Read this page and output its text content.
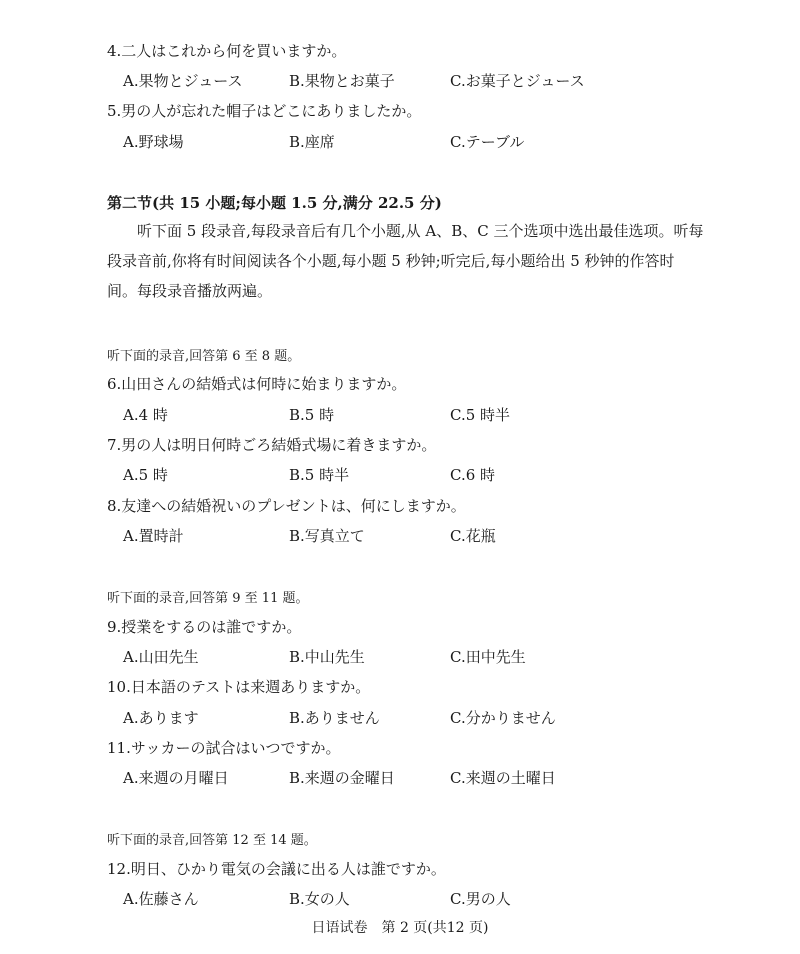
4.二人はこれから何を買いますか。
A.果物とジュース	B.果物とお菓子	C.お菓子とジュース
5.男の人が忘れた帽子はどこにありましたか。
A.野球場	B.座席	C.テーブル
第二节(共 15 小题;每小题 1.5 分,满分 22.5 分)
　　听下面 5 段录音,每段录音后有几个小题,从 A、B、C 三个选项中选出最佳选项。听每
段录音前,你将有时间阅读各个小题,每小题 5 秒钟;听完后,每小题给出 5 秒钟的作答时
间。每段录音播放两遍。
听下面的录音,回答第 6 至 8 题。
6.山田さんの結婚式は何時に始まりますか。
A.4 時	B.5 時	C.5 時半
7.男の人は明日何時ごろ結婚式場に着きますか。
A.5 時	B.5 時半	C.6 時
8.友達への結婚祝いのプレゼントは、何にしますか。
A.置時計	B.写真立て	C.花瓶
听下面的录音,回答第 9 至 11 题。
9.授業をするのは誰ですか。
A.山田先生	B.中山先生	C.田中先生
10.日本語のテストは来週ありますか。
A.あります	B.ありません	C.分かりません
11.サッカーの試合はいつですか。
A.来週の月曜日	B.来週の金曜日	C.来週の土曜日
听下面的录音,回答第 12 至 14 题。
12.明日、ひかり電気の会議に出る人は誰ですか。
A.佐藤さん	B.女の人	C.男の人
日语试卷　第 2 页(共12 页)
